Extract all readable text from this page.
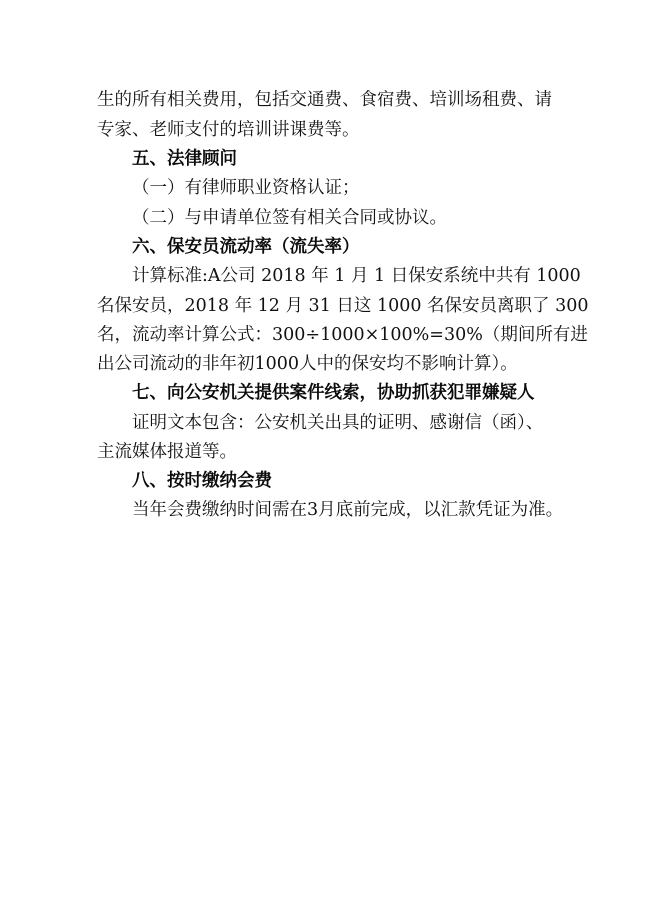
生的所有相关费用，包括交通费、食宿费、培训场租费、请
专家、老师支付的培训讲课费等。
五、法律顾问
（一）有律师职业资格认证；
（二）与申请单位签有相关合同或协议。
六、保安员流动率（流失率）
计算标准:A公司 2018 年 1 月 1 日保安系统中共有 1000
名保安员，2018 年 12 月 31 日这 1000 名保安员离职了 300
名，流动率计算公式：300÷1000×100%=30%（期间所有进
出公司流动的非年初1000人中的保安均不影响计算）。
七、向公安机关提供案件线索，协助抓获犯罪嫌疑人
证明文本包含：公安机关出具的证明、感谢信（函）、
主流媒体报道等。
八、按时缴纳会费
当年会费缴纳时间需在3月底前完成，以汇款凭证为准。
